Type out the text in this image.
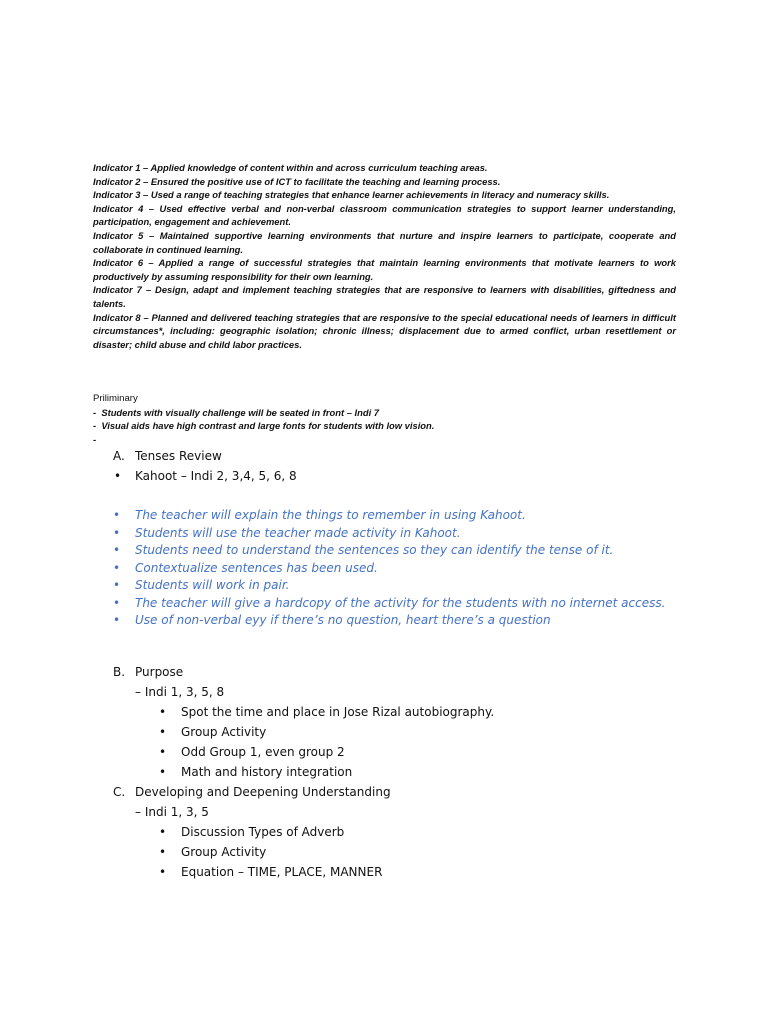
Indicator 1 – Applied knowledge of content within and across curriculum teaching areas.

Indicator 2 – Ensured the positive use of ICT to facilitate the teaching and learning process.

Indicator 3 – Used a range of teaching strategies that enhance learner achievements in literacy and numeracy skills.

Indicator 4 – Used effective verbal and non-verbal classroom communication strategies to support learner understanding, participation, engagement and achievement.

Indicator 5 – Maintained supportive learning environments that nurture and inspire learners to participate, cooperate and collaborate in continued learning.

Indicator 6 – Applied a range of successful strategies that maintain learning environments that motivate learners to work productively by assuming responsibility for their own learning.

Indicator 7 – Design, adapt and implement teaching strategies that are responsive to learners with disabilities, giftedness and talents.

Indicator 8 – Planned and delivered teaching strategies that are responsive to the special educational needs of learners in difficult circumstances*, including: geographic isolation; chronic illness; displacement due to armed conflict, urban resettlement or disaster; child abuse and child labor practices.

Priliminary

-  Students with visually challenge will be seated in front – Indi 7

-  Visual aids have high contrast and large fonts for students with low vision.

-

A. Tenses Review
• Kahoot – Indi 2, 3,4, 5, 6, 8
• The teacher will explain the things to remember in using Kahoot.
• Students will use the teacher made activity in Kahoot.
• Students need to understand the sentences so they can identify the tense of it.
• Contextualize sentences has been used.
• Students will work in pair.
• The teacher will give a hardcopy of the activity for the students with no internet access.
• Use of non-verbal eyy if there’s no question, heart there’s a question
B. Purpose
– Indi 1, 3, 5, 8
• Spot the time and place in Jose Rizal autobiography.
• Group Activity
• Odd Group 1, even group 2
• Math and history integration
C. Developing and Deepening Understanding
– Indi 1, 3, 5
• Discussion Types of Adverb
• Group Activity
• Equation – TIME, PLACE, MANNER
